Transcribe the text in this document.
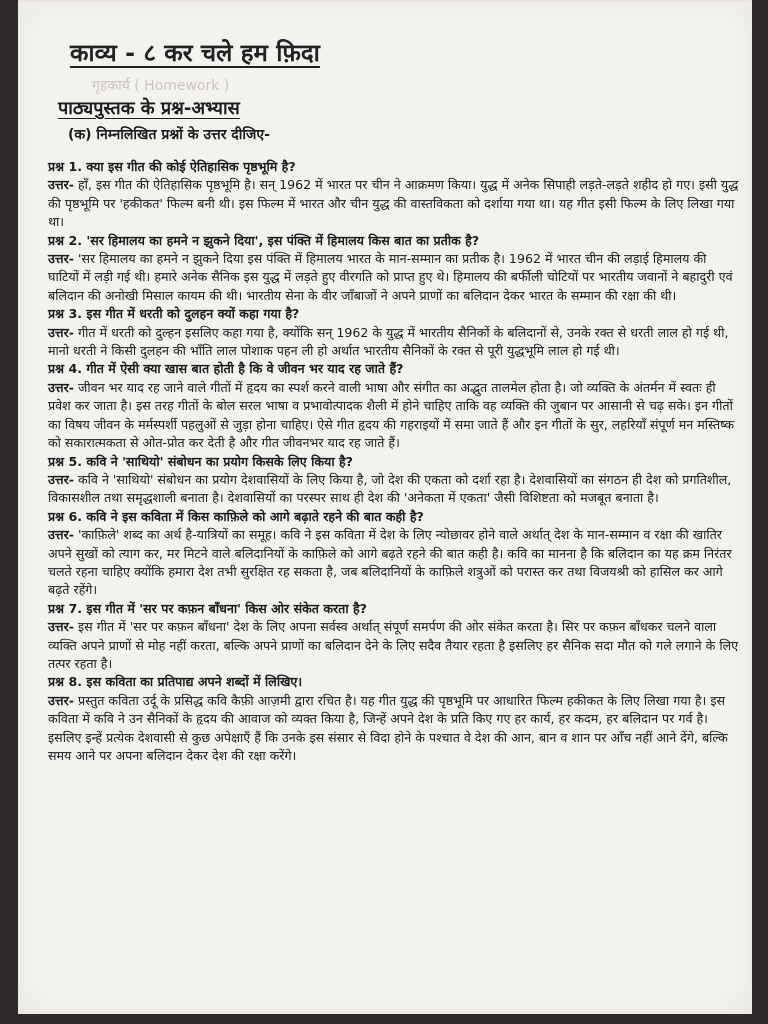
काव्य - ८ कर चले हम फ़िदा
गृहकार्य ( Homework )
पाठ्यपुस्तक के प्रश्न-अभ्यास
(क) निम्नलिखित प्रश्नों के उत्तर दीजिए-

प्रश्न 1. क्या इस गीत की कोई ऐतिहासिक पृष्ठभूमि है?

उत्तर- हाँ, इस गीत की ऐतिहासिक पृष्ठभूमि है। सन् 1962 में भारत पर चीन ने आक्रमण किया। युद्ध में अनेक सिपाही लड़ते-लड़ते शहीद हो गए। इसी युद्ध की पृष्ठभूमि पर 'हकीकत' फिल्म बनी थी। इस फिल्म में भारत और चीन युद्ध की वास्तविकता को दर्शाया गया था। यह गीत इसी फिल्म के लिए लिखा गया था।

प्रश्न 2. 'सर हिमालय का हमने न झुकने दिया', इस पंक्ति में हिमालय किस बात का प्रतीक है?

उत्तर- 'सर हिमालय का हमने न झुकने दिया इस पंक्ति में हिमालय भारत के मान-सम्मान का प्रतीक है। 1962 में भारत चीन की लड़ाई हिमालय की घाटियों में लड़ी गई थी। हमारे अनेक सैनिक इस युद्ध में लड़ते हुए वीरगति को प्राप्त हुए थे। हिमालय की बर्फीली चोटियों पर भारतीय जवानों ने बहादुरी एवं बलिदान की अनोखी मिसाल कायम की थी। भारतीय सेना के वीर जाँबाजों ने अपने प्राणों का बलिदान देकर भारत के सम्मान की रक्षा की थी।

प्रश्न 3. इस गीत में धरती को दुलहन क्यों कहा गया है?

उत्तर- गीत में धरती को दुल्हन इसलिए कहा गया है, क्योंकि सन् 1962 के युद्ध में भारतीय सैनिकों के बलिदानों से, उनके रक्त से धरती लाल हो गई थी, मानो धरती ने किसी दुलहन की भाँति लाल पोशाक पहन ली हो अर्थात भारतीय सैनिकों के रक्त से पूरी युद्धभूमि लाल हो गई थी।

प्रश्न 4. गीत में ऐसी क्या खास बात होती है कि वे जीवन भर याद रह जाते हैं?

उत्तर- जीवन भर याद रह जाने वाले गीतों में हृदय का स्पर्श करने वाली भाषा और संगीत का अद्भुत तालमेल होता है। जो व्यक्ति के अंतर्मन में स्वतः ही प्रवेश कर जाता है। इस तरह गीतों के बोल सरल भाषा व प्रभावोत्पादक शैली में होने चाहिए ताकि वह व्यक्ति की जुबान पर आसानी से चढ़ सके। इन गीतों का विषय जीवन के मर्मस्पर्शी पहलुओं से जुड़ा होना चाहिए। ऐसे गीत हृदय की गहराइयों में समा जाते हैं और इन गीतों के सुर, लहरियाँ संपूर्ण मन मस्तिष्क को सकारात्मकता से ओत-प्रोत कर देती है और गीत जीवनभर याद रह जाते हैं।

प्रश्न 5. कवि ने 'साथियो' संबोधन का प्रयोग किसके लिए किया है?

उत्तर- कवि ने 'साथियो' संबोधन का प्रयोग देशवासियों के लिए किया है, जो देश की एकता को दर्शा रहा है। देशवासियों का संगठन ही देश को प्रगतिशील, विकासशील तथा समृद्धशाली बनाता है। देशवासियों का परस्पर साथ ही देश की 'अनेकता में एकता' जैसी विशिष्टता को मजबूत बनाता है।

प्रश्न 6. कवि ने इस कविता में किस काफ़िले को आगे बढ़ाते रहने की बात कही है?

उत्तर- 'काफ़िले' शब्द का अर्थ है-यात्रियों का समूह। कवि ने इस कविता में देश के लिए न्योछावर होने वाले अर्थात् देश के मान-सम्मान व रक्षा की खातिर अपने सुखों को त्याग कर, मर मिटने वाले बलिदानियों के काफ़िले को आगे बढ़ते रहने की बात कही है। कवि का मानना है कि बलिदान का यह क्रम निरंतर चलते रहना चाहिए क्योंकि हमारा देश तभी सुरक्षित रह सकता है, जब बलिदानियों के काफ़िले शत्रुओं को परास्त कर तथा विजयश्री को हासिल कर आगे बढ़ते रहेंगे।

प्रश्न 7. इस गीत में 'सर पर कफ़न बाँधना' किस ओर संकेत करता है?

उत्तर- इस गीत में 'सर पर कफ़न बाँधना' देश के लिए अपना सर्वस्व अर्थात् संपूर्ण समर्पण की ओर संकेत करता है। सिर पर कफ़न बाँधकर चलने वाला व्यक्ति अपने प्राणों से मोह नहीं करता, बल्कि अपने प्राणों का बलिदान देने के लिए सदैव तैयार रहता है इसलिए हर सैनिक सदा मौत को गले लगाने के लिए तत्पर रहता है।

प्रश्न 8. इस कविता का प्रतिपाद्य अपने शब्दों में लिखिए।

उत्तर- प्रस्तुत कविता उर्दू के प्रसिद्ध कवि कैफ़ी आज़मी द्वारा रचित है। यह गीत युद्ध की पृष्ठभूमि पर आधारित फिल्म हकीकत के लिए लिखा गया है। इस कविता में कवि ने उन सैनिकों के हृदय की आवाज को व्यक्त किया है, जिन्हें अपने देश के प्रति किए गए हर कार्य, हर कदम, हर बलिदान पर गर्व है। इसलिए इन्हें प्रत्येक देशवासी से कुछ अपेक्षाएँ हैं कि उनके इस संसार से विदा होने के पश्चात वे देश की आन, बान व शान पर आँच नहीं आने देंगे, बल्कि समय आने पर अपना बलिदान देकर देश की रक्षा करेंगे।
